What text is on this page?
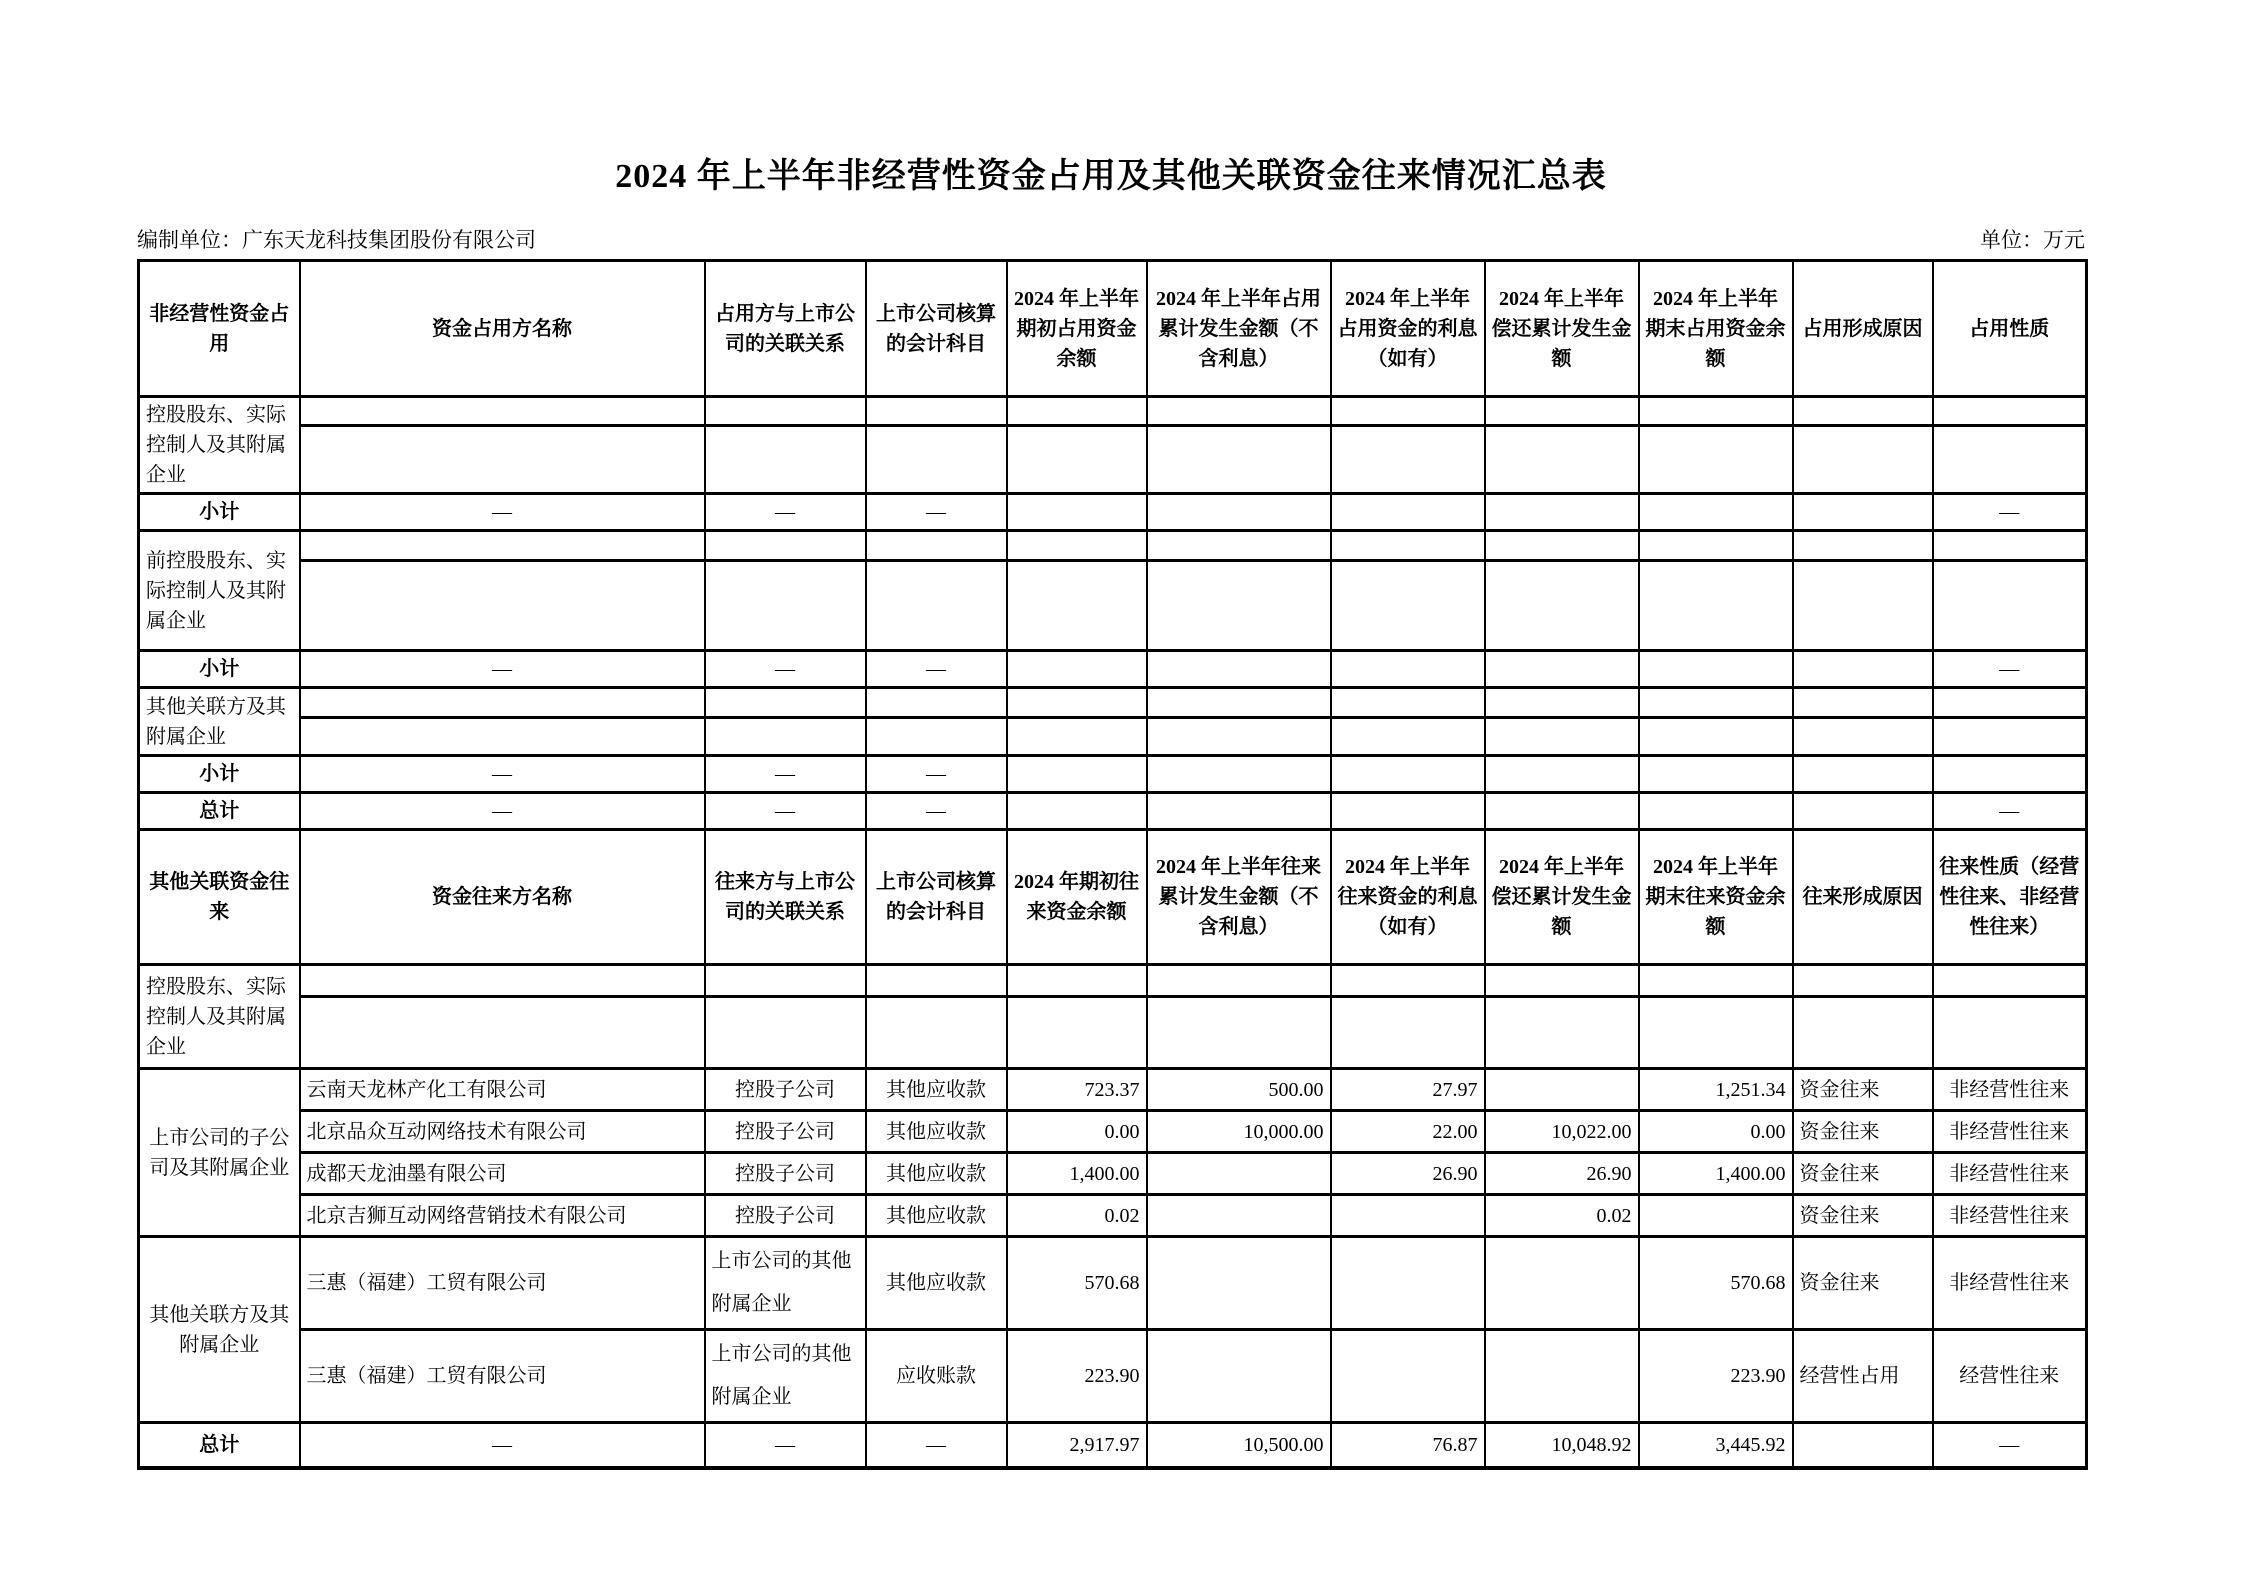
2024 年上半年非经营性资金占用及其他关联资金往来情况汇总表
编制单位：广东天龙科技集团股份有限公司	单位：万元
非经营性资金占用	资金占用方名称	占用方与上市公司的关联关系	上市公司核算的会计科目	2024 年上半年期初占用资金余额	2024 年上半年占用累计发生金额（不含利息）	2024 年上半年占用资金的利息（如有）	2024 年上半年偿还累计发生金额	2024 年上半年期末占用资金余额	占用形成原因	占用性质
控股股东、实际控制人及其附属企业										

小计	—	—	—							—
前控股股东、实际控制人及其附属企业										

小计	—	—	—							—
其他关联方及其附属企业										

小计	—	—	—							
总计	—	—	—							—
其他关联资金往来	资金往来方名称	往来方与上市公司的关联关系	上市公司核算的会计科目	2024 年期初往来资金余额	2024 年上半年往来累计发生金额（不含利息）	2024 年上半年往来资金的利息 （如有）	2024 年上半年偿还累计发生金额	2024 年上半年期末往来资金余额	往来形成原因	往来性质（经营性往来、非经营性往来）
控股股东、实际控制人及其附属企业										

上市公司的子公司及其附属企业	云南天龙林产化工有限公司	控股子公司	其他应收款	723.37	500.00	27.97		1,251.34	资金往来	非经营性往来
	北京品众互动网络技术有限公司	控股子公司	其他应收款	0.00	10,000.00	22.00	10,022.00	0.00	资金往来	非经营性往来
	成都天龙油墨有限公司	控股子公司	其他应收款	1,400.00		26.90	26.90	1,400.00	资金往来	非经营性往来
	北京吉狮互动网络营销技术有限公司	控股子公司	其他应收款	0.02			0.02		资金往来	非经营性往来
其他关联方及其附属企业	三惠（福建）工贸有限公司	上市公司的其他附属企业	其他应收款	570.68				570.68	资金往来	非经营性往来
	三惠（福建）工贸有限公司	上市公司的其他附属企业	应收账款	223.90				223.90	经营性占用	经营性往来
总计	—	—	—	2,917.97	10,500.00	76.87	10,048.92	3,445.92		—
